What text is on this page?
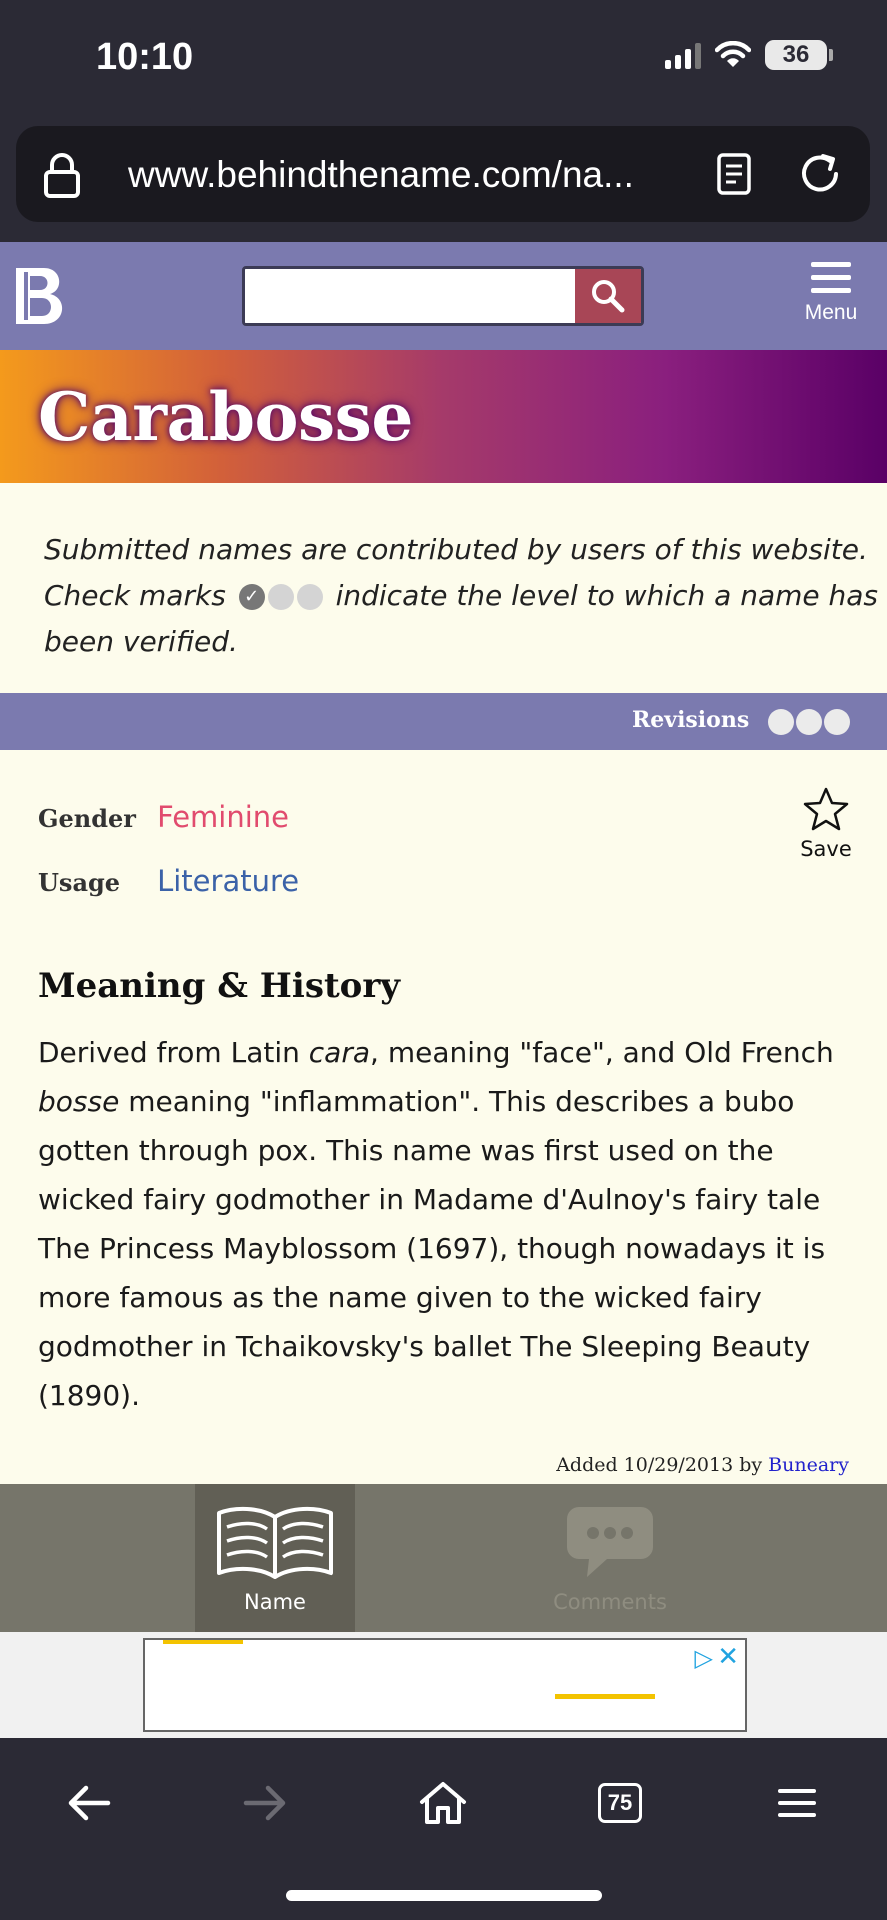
10:10	36
www.behindthename.com/na...
Menu
Carabosse
Submitted names are contributed by users of this website. Check marks	✓	indicate the level to which a name has been verified.
Revisions
Gender Feminine
Usage Literature
Save
Meaning & History
Derived from Latin cara, meaning "face", and Old French bosse meaning "inflammation". This describes a bubo gotten through pox. This name was first used on the wicked fairy godmother in Madame d'Aulnoy's fairy tale The Princess Mayblossom (1697), though nowadays it is more famous as the name given to the wicked fairy godmother in Tchaikovsky's ballet The Sleeping Beauty (1890).
Added 10/29/2013 by Buneary
Name	Comments
▷ ✕
75
